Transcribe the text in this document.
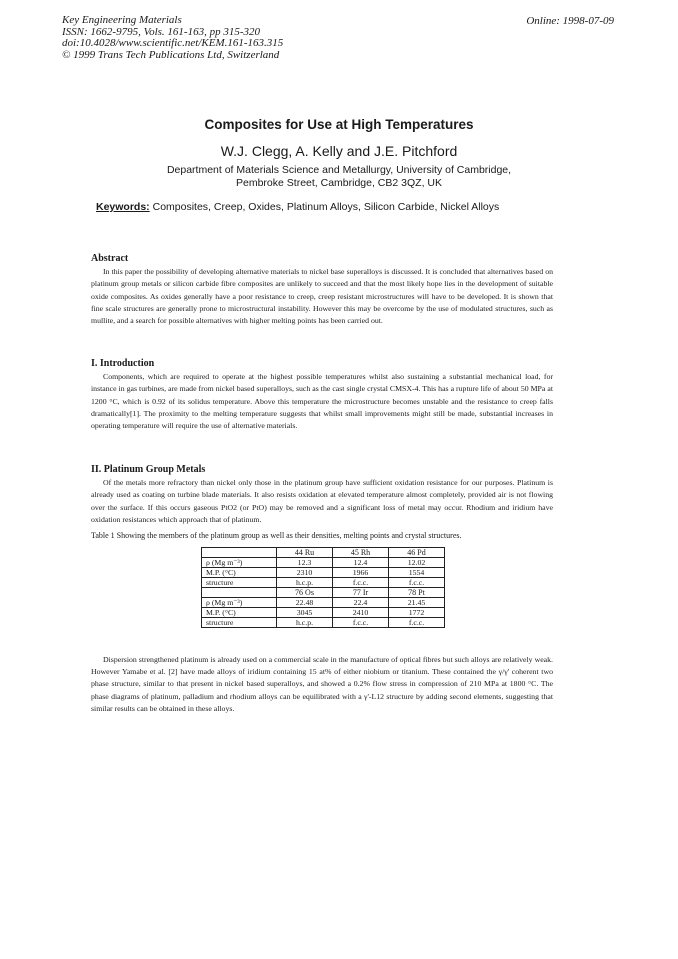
Key Engineering Materials
ISSN: 1662-9795, Vols. 161-163, pp 315-320
doi:10.4028/www.scientific.net/KEM.161-163.315
© 1999 Trans Tech Publications Ltd, Switzerland
Online: 1998-07-09
Composites for Use at High Temperatures
W.J. Clegg, A. Kelly and J.E. Pitchford
Department of Materials Science and Metallurgy, University of Cambridge,
Pembroke Street, Cambridge, CB2 3QZ, UK
Keywords: Composites, Creep, Oxides, Platinum Alloys, Silicon Carbide, Nickel Alloys
Abstract

In this paper the possibility of developing alternative materials to nickel base superalloys is discussed. It is concluded that alternatives based on platinum group metals or silicon carbide fibre composites are unlikely to succeed and that the most likely hope lies in the development of suitable oxide composites. As oxides generally have a poor resistance to creep, creep resistant microstructures will have to be developed. It is shown that fine scale structures are generally prone to microstructural instability. However this may be overcome by the use of modulated structures, such as mullite, and a search for possible alternatives with higher melting points has been carried out.

I. Introduction

Components, which are required to operate at the highest possible temperatures whilst also sustaining a substantial mechanical load, for instance in gas turbines, are made from nickel based superalloys, such as the cast single crystal CMSX-4. This has a rupture life of about 50 MPa at 1200 °C, which is 0.92 of its solidus temperature. Above this temperature the microstructure becomes unstable and the resistance to creep falls dramatically[1]. The proximity to the melting temperature suggests that whilst small improvements might still be made, substantial increases in operating temperature will require the use of alternative materials.

II. Platinum Group Metals

Of the metals more refractory than nickel only those in the platinum group have sufficient oxidation resistance for our purposes. Platinum is already used as coating on turbine blade materials. It also resists oxidation at elevated temperature almost completely, provided air is not flowing over the surface. If this occurs gaseous PtO2 (or PtO) may be removed and a significant loss of metal may occur. Rhodium and iridium have oxidation resistances which approach that of platinum.

Table 1 Showing the members of the platinum group as well as their densities, melting points and crystal structures.
	44 Ru	45 Rh	46 Pd
ρ (Mg m⁻³)	12.3	12.4	12.02
M.P. (°C)	2310	1966	1554
structure	h.c.p.	f.c.c.	f.c.c.
	76 Os	77 Ir	78 Pt
ρ (Mg m⁻³)	22.48	22.4	21.45
M.P. (°C)	3045	2410	1772
structure	h.c.p.	f.c.c.	f.c.c.

Dispersion strengthened platinum is already used on a commercial scale in the manufacture of optical fibres but such alloys are relatively weak. However Yamabe et al. [2] have made alloys of iridium containing 15 at% of either niobium or titanium. These contained the γ/γ' coherent two phase structure, similar to that present in nickel based superalloys, and showed a 0.2% flow stress in compression of 210 MPa at 1800 °C. The phase diagrams of platinum, palladium and rhodium alloys can be equilibrated with a γ'-L12 structure by adding second elements, suggesting that similar results can be obtained in these alloys.
